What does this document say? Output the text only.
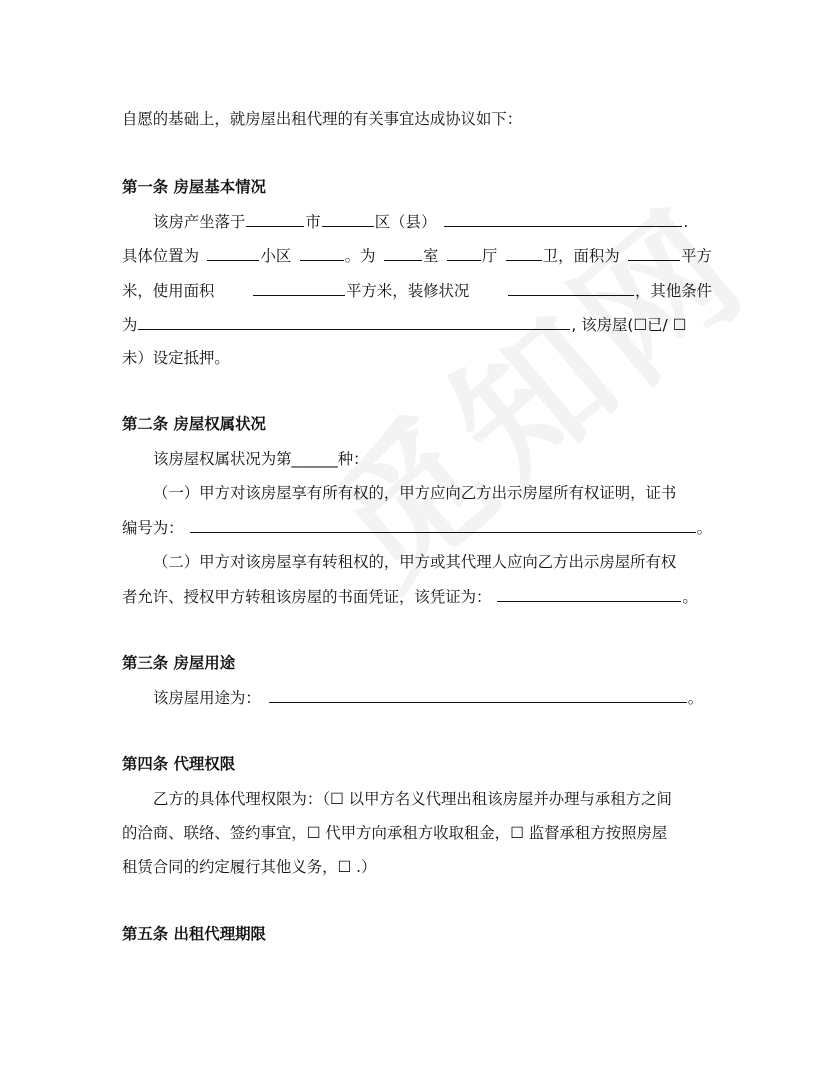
自愿的基础上，就房屋出租代理的有关事宜达成协议如下：
第一条 房屋基本情况
该房产坐落于	市	区（县）	.
具体位置为	小区	。为	室	厅	卫，面积为	平方
米，使用面积	平方米，装修状况	，其他条件
为	, 该房屋(☐已/ ☐
未）设定抵押。
第二条 房屋权属状况
该房屋权属状况为第______种：
（一）甲方对该房屋享有所有权的，甲方应向乙方出示房屋所有权证明，证书
编号为：	。
（二）甲方对该房屋享有转租权的，甲方或其代理人应向乙方出示房屋所有权
者允许、授权甲方转租该房屋的书面凭证，该凭证为：	。
第三条 房屋用途
该房屋用途为：	。
第四条 代理权限
乙方的具体代理权限为：（☐ 以甲方名义代理出租该房屋并办理与承租方之间
的洽商、联络、签约事宜，☐ 代甲方向承租方收取租金，☐ 监督承租方按照房屋
租赁合同的约定履行其他义务，☐ .）
第五条 出租代理期限
